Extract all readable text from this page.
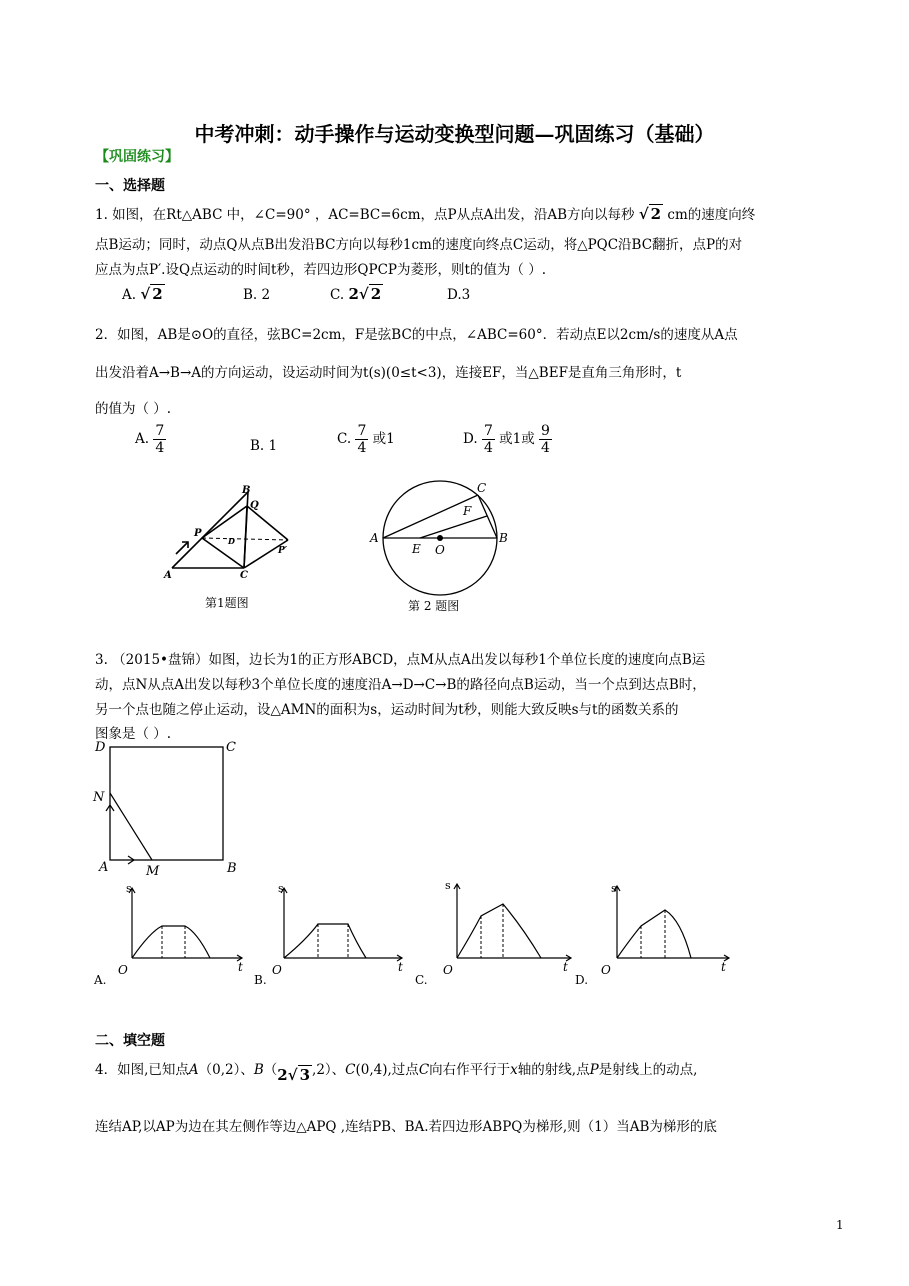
中考冲刺：动手操作与运动变换型问题—巩固练习（基础）
【巩固练习】
一、选择题
1. 如图，在Rt△ABC 中，∠C=90° ，AC=BC=6cm，点P从点A出发，沿AB方向以每秒 √ 2 cm的速度向终
点B运动；同时，动点Q从点B出发沿BC方向以每秒1cm的速度向终点C运动，将△PQC沿BC翻折，点P的对
应点为点P′.设Q点运动的时间t秒，若四边形QPCP为菱形，则t的值为（ ）.
A. √ 2	B. 2	C. 2√ 2	D.3
2．如图，AB是⊙O的直径，弦BC=2cm，F是弦BC的中点，∠ABC=60°．若动点E以2cm/s的速度从A点
出发沿着A→B→A的方向运动，设运动时间为t(s)(0≤t<3)，连接EF，当△BEF是直角三角形时，t
的值为（ ）.
A. $\frac{7}{4}$	B. 1	C. $\frac{7}{4}$ 或1	D. $\frac{7}{4}$ 或1或 $\frac{9}{4}$
A
B
C
P
Q
D
P′
第1题图
A	B
C
E O
F
第 2 题图
3. （2015•盘锦）如图，边长为1的正方形ABCD，点M从点A出发以每秒1个单位长度的速度向点B运
动，点N从点A出发以每秒3个单位长度的速度沿A→D→C→B的路径向点B运动，当一个点到达点B时，
另一个点也随之停止运动，设△AMN的面积为s，运动时间为t秒，则能大致反映s与t的函数关系的
图象是（ ）.
D	C
N
A	M	B
s
t
O
A.
s
t
O
B.
s
t
O
C.
s
t
O
D.
二、填空题
4．如图,已知点A（0,2）、B（2√ 3 ,2）、C(0,4),过点C向右作平行于x轴的射线,点P是射线上的动点,
连结AP,以AP为边在其左侧作等边△APQ ,连结PB、BA.若四边形ABPQ为梯形,则（1）当AB为梯形的底
1
